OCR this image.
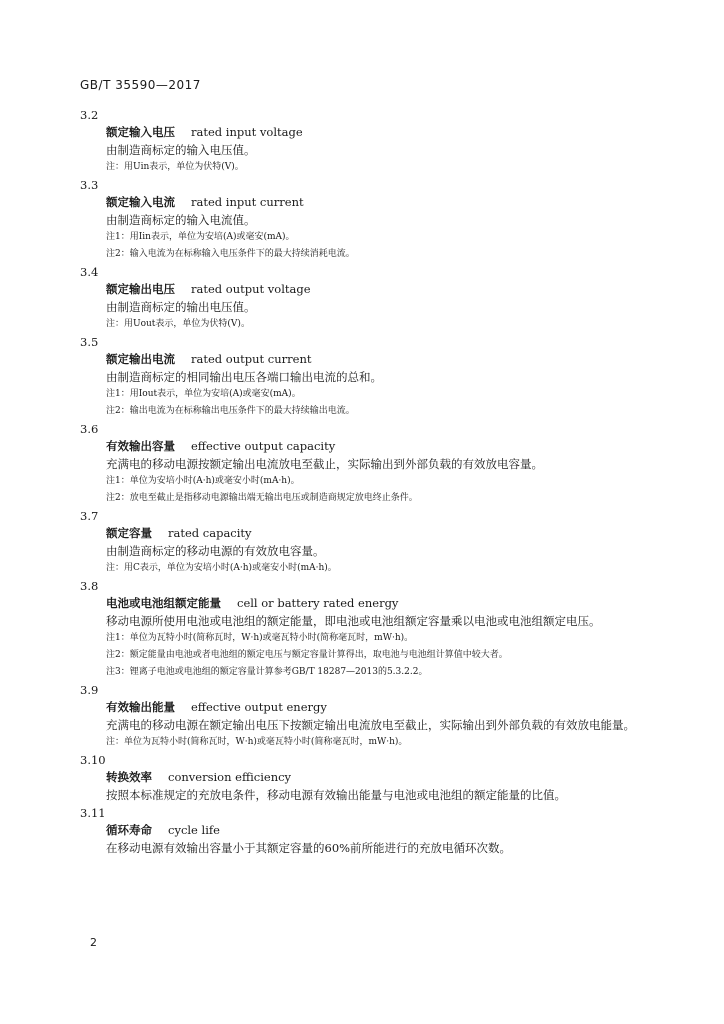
GB/T 35590—2017
3.2
额定输入电压 rated input voltage
由制造商标定的输入电压值。
注：用Uin表示，单位为伏特(V)。
3.3
额定输入电流 rated input current
由制造商标定的输入电流值。
注1：用Iin表示，单位为安培(A)或毫安(mA)。
注2：输入电流为在标称输入电压条件下的最大持续消耗电流。
3.4
额定输出电压 rated output voltage
由制造商标定的输出电压值。
注：用Uout表示，单位为伏特(V)。
3.5
额定输出电流 rated output current
由制造商标定的相同输出电压各端口输出电流的总和。
注1：用Iout表示，单位为安培(A)或毫安(mA)。
注2：输出电流为在标称输出电压条件下的最大持续输出电流。
3.6
有效输出容量 effective output capacity
充满电的移动电源按额定输出电流放电至截止，实际输出到外部负载的有效放电容量。
注1：单位为安培小时(A·h)或毫安小时(mA·h)。
注2：放电至截止是指移动电源输出端无输出电压或制造商规定放电终止条件。
3.7
额定容量 rated capacity
由制造商标定的移动电源的有效放电容量。
注：用C表示，单位为安培小时(A·h)或毫安小时(mA·h)。
3.8
电池或电池组额定能量 cell or battery rated energy
移动电源所使用电池或电池组的额定能量，即电池或电池组额定容量乘以电池或电池组额定电压。
注1：单位为瓦特小时(简称瓦时，W·h)或毫瓦特小时(简称毫瓦时，mW·h)。
注2：额定能量由电池或者电池组的额定电压与额定容量计算得出，取电池与电池组计算值中较大者。
注3：锂离子电池或电池组的额定容量计算参考GB/T 18287—2013的5.3.2.2。
3.9
有效输出能量 effective output energy
充满电的移动电源在额定输出电压下按额定输出电流放电至截止，实际输出到外部负载的有效放电能量。
注：单位为瓦特小时(简称瓦时，W·h)或毫瓦特小时(简称毫瓦时，mW·h)。
3.10
转换效率 conversion efficiency
按照本标准规定的充放电条件，移动电源有效输出能量与电池或电池组的额定能量的比值。
3.11
循环寿命 cycle life
在移动电源有效输出容量小于其额定容量的60%前所能进行的充放电循环次数。
2
